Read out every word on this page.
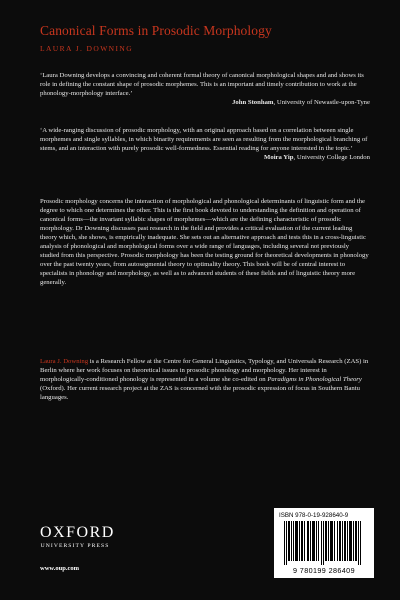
Canonical Forms in Prosodic Morphology
LAURA J. DOWNING

‘Laura Downing develops a convincing and coherent formal theory of canonical morphological shapes and and shows its role in defining the constant shape of prosodic morphemes. This is an important and timely contribution to work at the phonology-morphology interface.’

John Stonham, University of Newastle-upon-Tyne

‘A wide-ranging discussion of prosodic morphology, with an original approach based on a correlation between single morphemes and single syllables, in which binarity requirements are seen as resulting from the morphological branching of stems, and an interaction with purely prosodic well-formedness. Essential reading for anyone interested in the topic.’

Moira Yip, University College London

Prosodic morphology concerns the interaction of morphological and phonological determinants of linguistic form and the degree to which one determines the other. This is the first book devoted to understanding the definition and operation of canonical forms—the invariant syllabic shapes of morphemes—which are the defining characteristic of prosodic morphology. Dr Downing discusses past research in the field and provides a critical evaluation of the current leading theory which, she shows, is empirically inadequate. She sets out an alternative approach and tests this in a cross-linguistic analysis of phonological and morphological forms over a wide range of languages, including several not previously studied from this perspective. Prosodic morphology has been the testing ground for theoretical developments in phonology over the past twenty years, from autosegmental theory to optimality theory. This book will be of central interest to specialists in phonology and morphology, as well as to advanced students of these fields and of linguistic theory more generally.

Laura J. Downing is a Research Fellow at the Centre for General Linguistics, Typology, and Universals Research (ZAS) in Berlin where her work focuses on theoretical issues in prosodic phonology and morphology. Her interest in morphologically-conditioned phonology is represented in a volume she co-edited on Paradigms in Phonological Theory (Oxford). Her current research project at the ZAS is concerned with the prosodic expression of focus in Southern Bantu languages.

OXFORD
UNIVERSITY PRESS
www.oup.com
ISBN 978-0-19-928640-9
9 780199 286409
